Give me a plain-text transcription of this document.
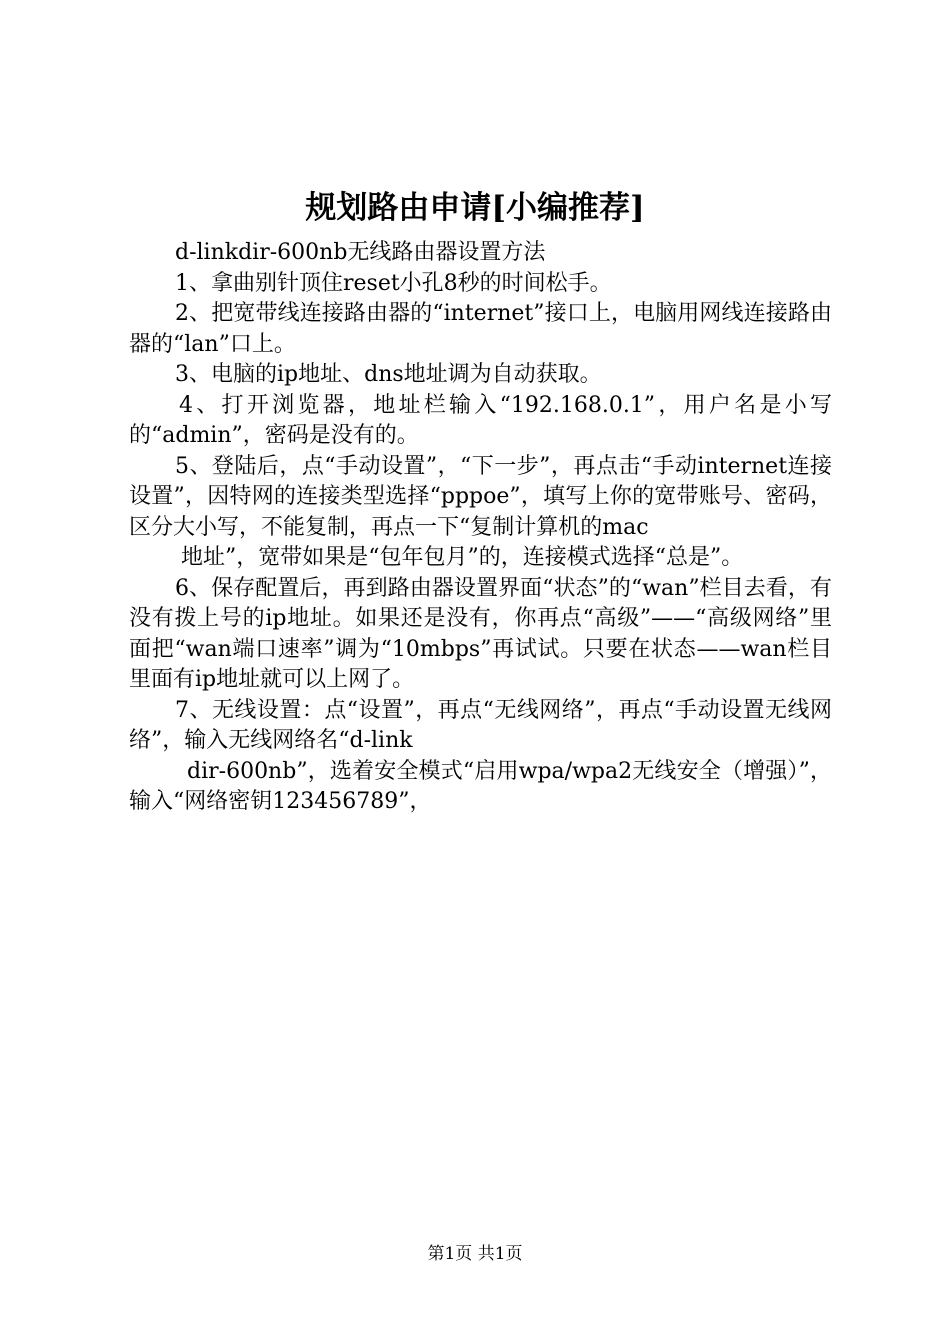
规划路由申请[小编推荐]

d-linkdir-600nb无线路由器设置方法

1、拿曲别针顶住reset小孔8秒的时间松手。

2、把宽带线连接路由器的“internet”接口上，电脑用网线连接路由器的“lan”口上。

3、电脑的ip地址、dns地址调为自动获取。

4、打开浏览器，地址栏输入“192.168.0.1”，用户名是小写的“admin”，密码是没有的。

5、登陆后，点“手动设置”，“下一步”，再点击“手动internet连接设置”，因特网的连接类型选择“pppoe”，填写上你的宽带账号、密码，区分大小写，不能复制，再点一下“复制计算机的mac

地址”，宽带如果是“包年包月”的，连接模式选择“总是”。

6、保存配置后，再到路由器设置界面“状态”的“wan”栏目去看，有没有拨上号的ip地址。如果还是没有，你再点“高级”——“高级网络”里面把“wan端口速率”调为“10mbps”再试试。只要在状态——wan栏目里面有ip地址就可以上网了。

7、无线设置：点“设置”，再点“无线网络”，再点“手动设置无线网络”，输入无线网络名“d-link

dir-600nb”，选着安全模式“启用wpa/wpa2无线安全（增强）”，输入“网络密钥123456789”，

第1页 共1页
